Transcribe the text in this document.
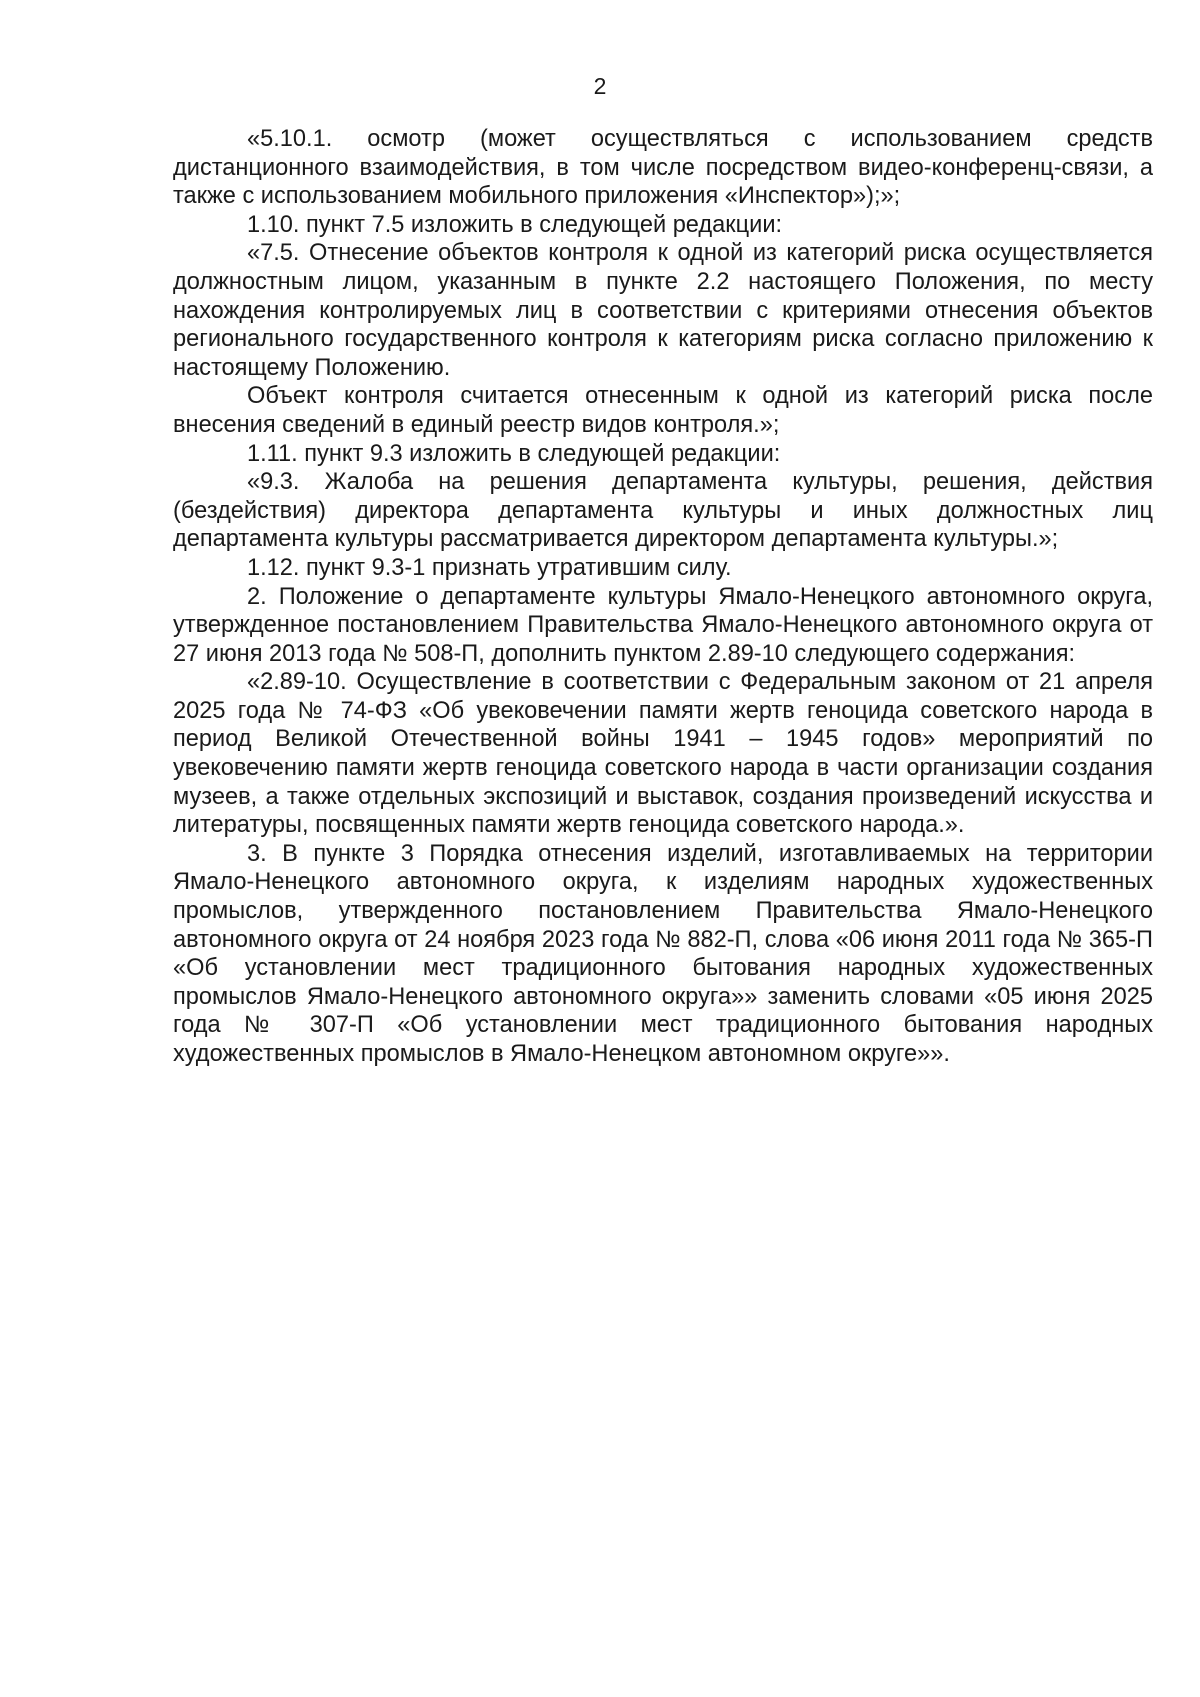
2

«5.10.1. осмотр (может осуществляться с использованием средств дистанционного взаимодействия, в том числе посредством видео-конференц-связи, а также с использованием мобильного приложения «Инспектор»);»;

1.10. пункт 7.5 изложить в следующей редакции:

«7.5. Отнесение объектов контроля к одной из категорий риска осуществляется должностным лицом, указанным в пункте 2.2 настоящего Положения, по месту нахождения контролируемых лиц в соответствии с критериями отнесения объектов регионального государственного контроля к категориям риска согласно приложению к настоящему Положению.

Объект контроля считается отнесенным к одной из категорий риска после внесения сведений в единый реестр видов контроля.»;

1.11. пункт 9.3 изложить в следующей редакции:

«9.3. Жалоба на решения департамента культуры, решения, действия (бездействия) директора департамента культуры и иных должностных лиц департамента культуры рассматривается директором департамента культуры.»;

1.12. пункт 9.3-1 признать утратившим силу.

2. Положение о департаменте культуры Ямало-Ненецкого автономного округа, утвержденное постановлением Правительства Ямало-Ненецкого автономного округа от 27 июня 2013 года № 508-П, дополнить пунктом 2.89-10 следующего содержания:

«2.89-10. Осуществление в соответствии с Федеральным законом от 21 апреля 2025 года № 74-ФЗ «Об увековечении памяти жертв геноцида советского народа в период Великой Отечественной войны 1941 – 1945 годов» мероприятий по увековечению памяти жертв геноцида советского народа в части организации создания музеев, а также отдельных экспозиций и выставок, создания произведений искусства и литературы, посвященных памяти жертв геноцида советского народа.».

3. В пункте 3 Порядка отнесения изделий, изготавливаемых на территории Ямало-Ненецкого автономного округа, к изделиям народных художественных промыслов, утвержденного постановлением Правительства Ямало-Ненецкого автономного округа от 24 ноября 2023 года № 882-П, слова «06 июня 2011 года № 365-П «Об установлении мест традиционного бытования народных художественных промыслов Ямало-Ненецкого автономного округа»» заменить словами «05 июня 2025 года № 307-П «Об установлении мест традиционного бытования народных художественных промыслов в Ямало-Ненецком автономном округе»».
